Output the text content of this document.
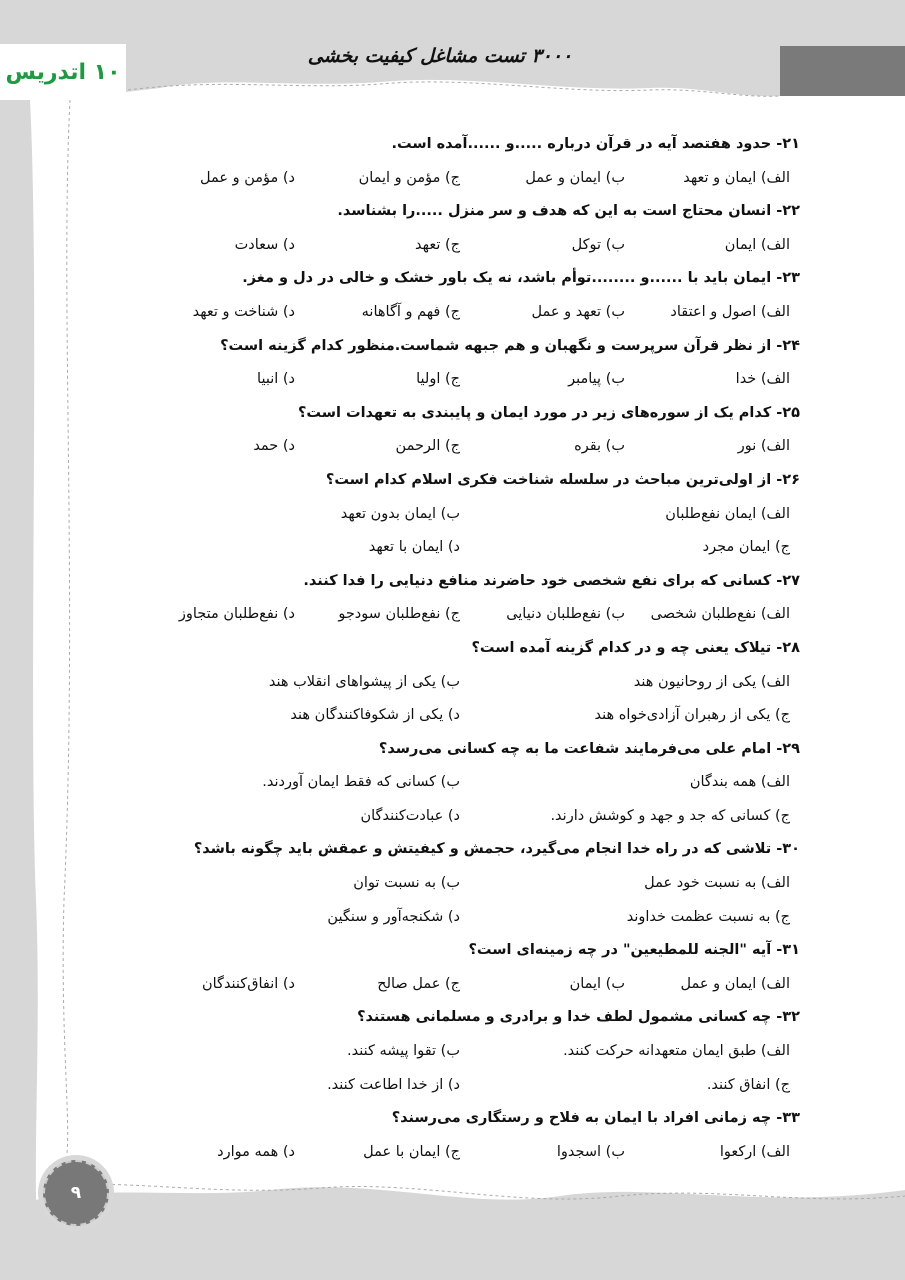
۱۰ اتدریس
۳۰۰۰ تست مشاغل کیفیت بخشی
۲۱- حدود هفتصد آیه در قرآن درباره .....و ......آمده است.
الف) ایمان و تعهد
ب) ایمان و عمل
ج) مؤمن و ایمان
د) مؤمن و عمل
۲۲- انسان محتاج است به این که هدف و سر منزل .....را بشناسد.
الف) ایمان
ب) توکل
ج) تعهد
د) سعادت
۲۳- ایمان باید با ......و ........توأم باشد، نه یک باور خشک و خالی در دل و مغز.
الف) اصول و اعتقاد
ب) تعهد و عمل
ج) فهم و آگاهانه
د) شناخت و تعهد
۲۴- از نظر قرآن سرپرست و نگهبان و هم جبهه شماست.منظور کدام گزینه است؟
الف) خدا
ب) پیامبر
ج) اولیا
د) انبیا
۲۵- کدام یک از سوره‌های زیر در مورد ایمان و پایبندی به تعهدات است؟
الف) نور
ب) بقره
ج) الرحمن
د) حمد
۲۶- از اولی‌ترین مباحث در سلسله شناخت فکری اسلام کدام است؟
الف) ایمان نفع‌طلبان
ب) ایمان بدون تعهد
ج) ایمان مجرد
د) ایمان با تعهد
۲۷- کسانی که برای نفع شخصی خود حاضرند منافع دنیایی را فدا کنند.
الف) نفع‌طلبان شخصی
ب) نفع‌طلبان دنیایی
ج) نفع‌طلبان سودجو
د) نفع‌طلبان متجاوز
۲۸- تیلاک یعنی چه و در کدام گزینه آمده است؟
الف) یکی از روحانیون هند
ب) یکی از پیشواهای انقلاب هند
ج) یکی از رهبران آزادی‌خواه هند
د) یکی از شکوفاکنندگان هند
۲۹- امام علی می‌فرمایند شفاعت ما به چه کسانی می‌رسد؟
الف) همه بندگان
ب) کسانی که فقط ایمان آوردند.
ج) کسانی که جد و جهد و کوشش دارند.
د) عبادت‌کنندگان
۳۰- تلاشی که در راه خدا انجام می‌گیرد، حجمش و کیفیتش و عمقش باید چگونه باشد؟
الف) به نسبت خود عمل
ب) به نسبت توان
ج) به نسبت عظمت خداوند
د) شکنجه‌آور و سنگین
۳۱- آیه "الجنه للمطیعین" در چه زمینه‌ای است؟
الف) ایمان و عمل
ب) ایمان
ج) عمل صالح
د) انفاق‌کنندگان
۳۲- چه کسانی مشمول لطف خدا و برادری و مسلمانی هستند؟
الف) طبق ایمان متعهدانه حرکت کنند.
ب) تقوا پیشه کنند.
ج) انفاق کنند.
د) از خدا اطاعت کنند.
۳۳- چه زمانی افراد با ایمان به فلاح و رستگاری می‌رسند؟
الف) ارکعوا
ب) اسجدوا
ج) ایمان با عمل
د) همه موارد
۹
